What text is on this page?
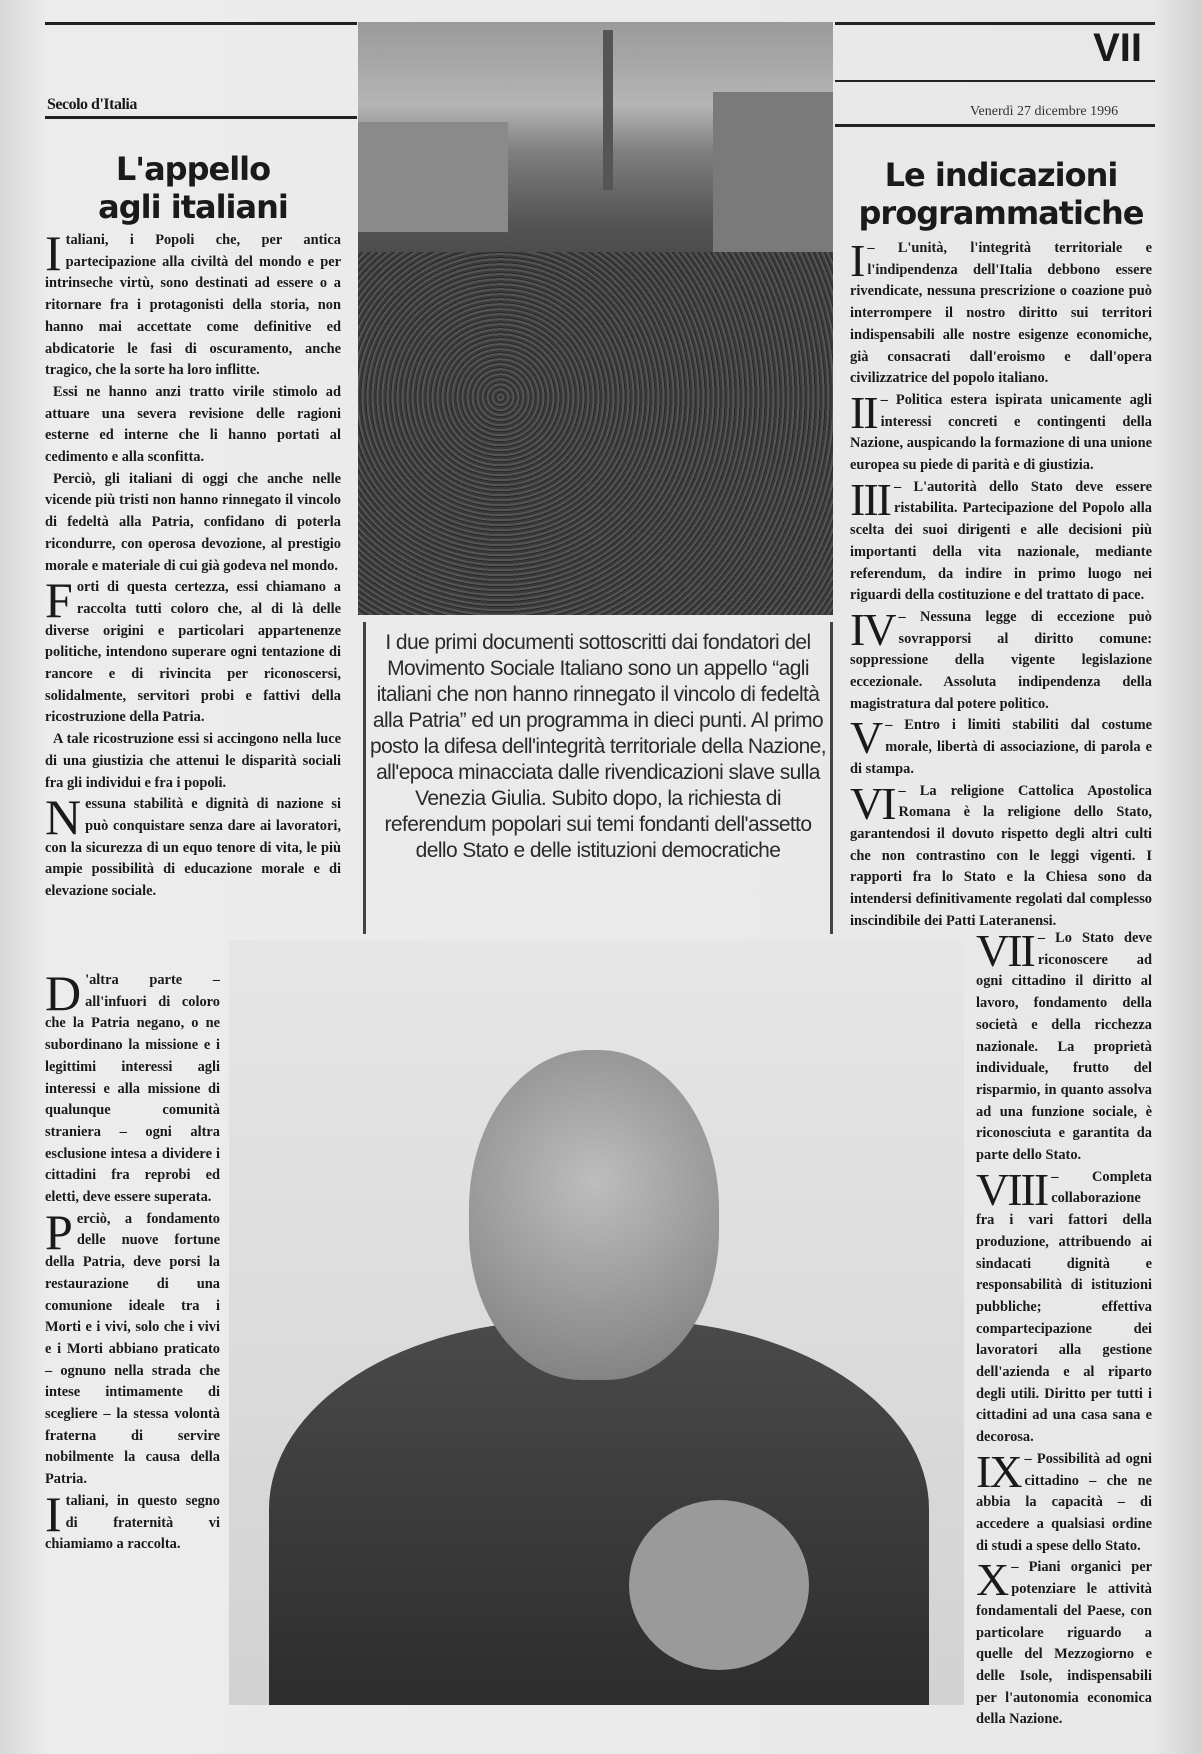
Secolo d'Italia
VII
Venerdì 27 dicembre 1996
L'appello
agli italiani

Italiani, i Popoli che, per antica partecipazione alla civiltà del mondo e per intrinseche virtù, sono destinati ad essere o a ritornare fra i protagonisti della storia, non hanno mai accettate come definitive ed abdicatorie le fasi di oscuramento, anche tragico, che la sorte ha loro inflitte.

Essi ne hanno anzi tratto virile stimolo ad attuare una severa revisione delle ragioni esterne ed interne che li hanno portati al cedimento e alla sconfitta.

Perciò, gli italiani di oggi che anche nelle vicende più tristi non hanno rinnegato il vincolo di fedeltà alla Patria, confidano di poterla ricondurre, con operosa devozione, al prestigio morale e materiale di cui già godeva nel mondo.

Forti di questa certezza, essi chiamano a raccolta tutti coloro che, al di là delle diverse origini e particolari appartenenze politiche, intendono superare ogni tentazione di rancore e di rivincita per riconoscersi, solidalmente, servitori probi e fattivi della ricostruzione della Patria.

A tale ricostruzione essi si accingono nella luce di una giustizia che attenui le disparità sociali fra gli individui e fra i popoli.

Nessuna stabilità e dignità di nazione si può conquistare senza dare ai lavoratori, con la sicurezza di un equo tenore di vita, le più ampie possibilità di educazione morale e di elevazione sociale.

D 'altra parte – all'infuori di coloro che la Patria negano, o ne subordinano la missione e i legittimi interessi agli interessi e alla missione di qualunque comunità straniera – ogni altra esclusione intesa a dividere i cittadini fra reprobi ed eletti, deve essere superata.

Perciò, a fondamento delle nuove fortune della Patria, deve porsi la restaurazione di una comunione ideale tra i Morti e i vivi, solo che i vivi e i Morti abbiano praticato – ognuno nella strada che intese intimamente di scegliere – la stessa volontà fraterna di servire nobilmente la causa della Patria.

Italiani, in questo segno di fraternità vi chiamiamo a raccolta.

I due primi documenti sottoscritti dai fondatori del Movimento Sociale Italiano sono un appello “agli italiani che non hanno rinnegato il vincolo di fedeltà alla Patria” ed un programma in dieci punti. Al primo posto la difesa dell'integrità territoriale della Nazione, all'epoca minacciata dalle rivendicazioni slave sulla Venezia Giulia. Subito dopo, la richiesta di referendum popolari sui temi fondanti dell'assetto dello Stato e delle istituzioni democratiche
Le indicazioni
programmatiche

I – L'unità, l'integrità territoriale e l'indipendenza dell'Italia debbono essere rivendicate, nessuna prescrizione o coazione può interrompere il nostro diritto sui territori indispensabili alle nostre esigenze economiche, già consacrati dall'eroismo e dall'opera civilizzatrice del popolo italiano.

II – Politica estera ispirata unicamente agli interessi concreti e contingenti della Nazione, auspicando la formazione di una unione europea su piede di parità e di giustizia.

III – L'autorità dello Stato deve essere ristabilita. Partecipazione del Popolo alla scelta dei suoi dirigenti e alle decisioni più importanti della vita nazionale, mediante referendum, da indire in primo luogo nei riguardi della costituzione e del trattato di pace.

IV – Nessuna legge di eccezione può sovrapporsi al diritto comune: soppressione della vigente legislazione eccezionale. Assoluta indipendenza della magistratura dal potere politico.

V – Entro i limiti stabiliti dal costume morale, libertà di associazione, di parola e di stampa.

VI – La religione Cattolica Apostolica Romana è la religione dello Stato, garantendosi il dovuto rispetto degli altri culti che non contrastino con le leggi vigenti. I rapporti fra lo Stato e la Chiesa sono da intendersi definitivamente regolati dal complesso inscindibile dei Patti Lateranensi.

VII – Lo Stato deve riconoscere ad ogni cittadino il diritto al lavoro, fondamento della società e della ricchezza nazionale. La proprietà individuale, frutto del risparmio, in quanto assolva ad una funzione sociale, è riconosciuta e garantita da parte dello Stato.

VIII – Completa collaborazione fra i vari fattori della produzione, attribuendo ai sindacati dignità e responsabilità di istituzioni pubbliche; effettiva compartecipazione dei lavoratori alla gestione dell'azienda e al riparto degli utili. Diritto per tutti i cittadini ad una casa sana e decorosa.

IX – Possibilità ad ogni cittadino – che ne abbia la capacità – di accedere a qualsiasi ordine di studi a spese dello Stato.

X – Piani organici per potenziare le attività fondamentali del Paese, con particolare riguardo a quelle del Mezzogiorno e delle Isole, indispensabili per l'autonomia economica della Nazione.
